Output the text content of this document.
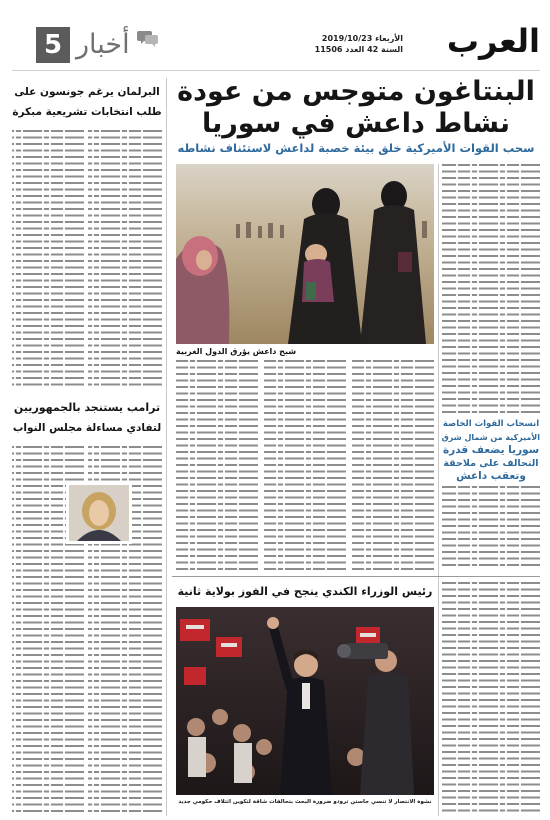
العرب
الأربعاء 2019/10/23
السنة 42 العدد 11506
5 أخبار
البرلمان يرغم جونسون على
طلب انتخابات تشريعية مبكرة
ترامب يستنجد بالجمهوريين
لتفادي مساءلة مجلس النواب
البنتاغون متوجس من عودة
نشاط داعش في سوريا
سحب القوات الأميركية خلق بيئة خصبة لداعش لاستئناف نشاطه
شبح داعش يؤرق الدول الغربية
انسحاب القوات الخاصة
الأميركية من شمال شرق
سوريا يضعف قدرة
التحالف على ملاحقة
وتعقب داعش
رئيس الوزراء الكندي ينجح في الفوز بولاية ثانية
نشوة الانتصار لا تنسي جاستن ترودو ضرورة البحث بتحالفات شاقة لتكوين ائتلاف حكومي جديد
